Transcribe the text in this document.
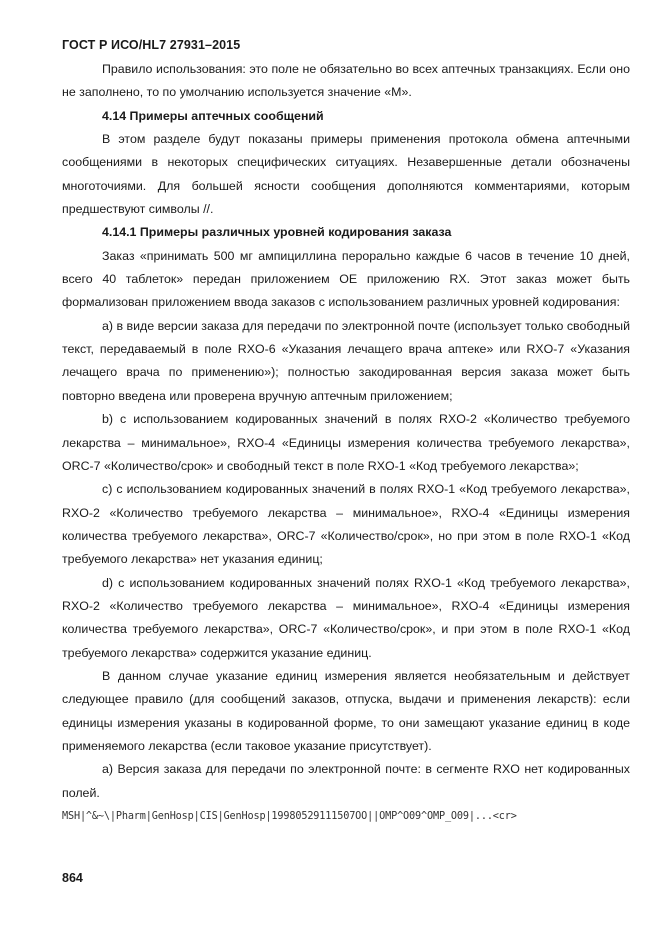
ГОСТ Р ИСО/HL7 27931–2015

Правило использования: это поле не обязательно во всех аптечных транзакциях. Если оно не заполнено, то по умолчанию используется значение «М».

4.14 Примеры аптечных сообщений

В этом разделе будут показаны примеры применения протокола обмена аптечными сообщениями в некоторых специфических ситуациях. Незавершенные детали обозначены многоточиями. Для большей ясности сообщения дополняются комментариями, которым предшествуют символы //.

4.14.1 Примеры различных уровней кодирования заказа

Заказ «принимать 500 мг ампициллина перорально каждые 6 часов в течение 10 дней, всего 40 таблеток» передан приложением OE приложению RX. Этот заказ может быть формализован приложением ввода заказов с использованием различных уровней кодирования:

a) в виде версии заказа для передачи по электронной почте (использует только свободный текст, передаваемый в поле RXO-6 «Указания лечащего врача аптеке» или RXO-7 «Указания лечащего врача по применению»); полностью закодированная версия заказа может быть повторно введена или проверена вручную аптечным приложением;

b) с использованием кодированных значений в полях RXO-2 «Количество требуемого лекарства – минимальное», RXO-4 «Единицы измерения количества требуемого лекарства», ORC-7 «Количество/срок» и свободный текст в поле RXO-1 «Код требуемого лекарства»;

c) с использованием кодированных значений в полях RXO-1 «Код требуемого лекарства», RXO-2 «Количество требуемого лекарства – минимальное», RXO-4 «Единицы измерения количества требуемого лекарства», ORC-7 «Количество/срок», но при этом в поле RXO-1 «Код требуемого лекарства» нет указания единиц;

d) с использованием кодированных значений полях RXO-1 «Код требуемого лекарства», RXO-2 «Количество требуемого лекарства – минимальное», RXO-4 «Единицы измерения количества требуемого лекарства», ORC-7 «Количество/срок», и при этом в поле RXO-1 «Код требуемого лекарства» содержится указание единиц.

В данном случае указание единиц измерения является необязательным и действует следующее правило (для сообщений заказов, отпуска, выдачи и применения лекарств): если единицы измерения указаны в кодированной форме, то они замещают указание единиц в коде применяемого лекарства (если таковое указание присутствует).

a) Версия заказа для передачи по электронной почте: в сегменте RXO нет кодированных полей.

MSH|^&~\|Pharm|GenHosp|CIS|GenHosp|19980529111507OO||OMP^O09^OMP_O09|...<cr>
864
